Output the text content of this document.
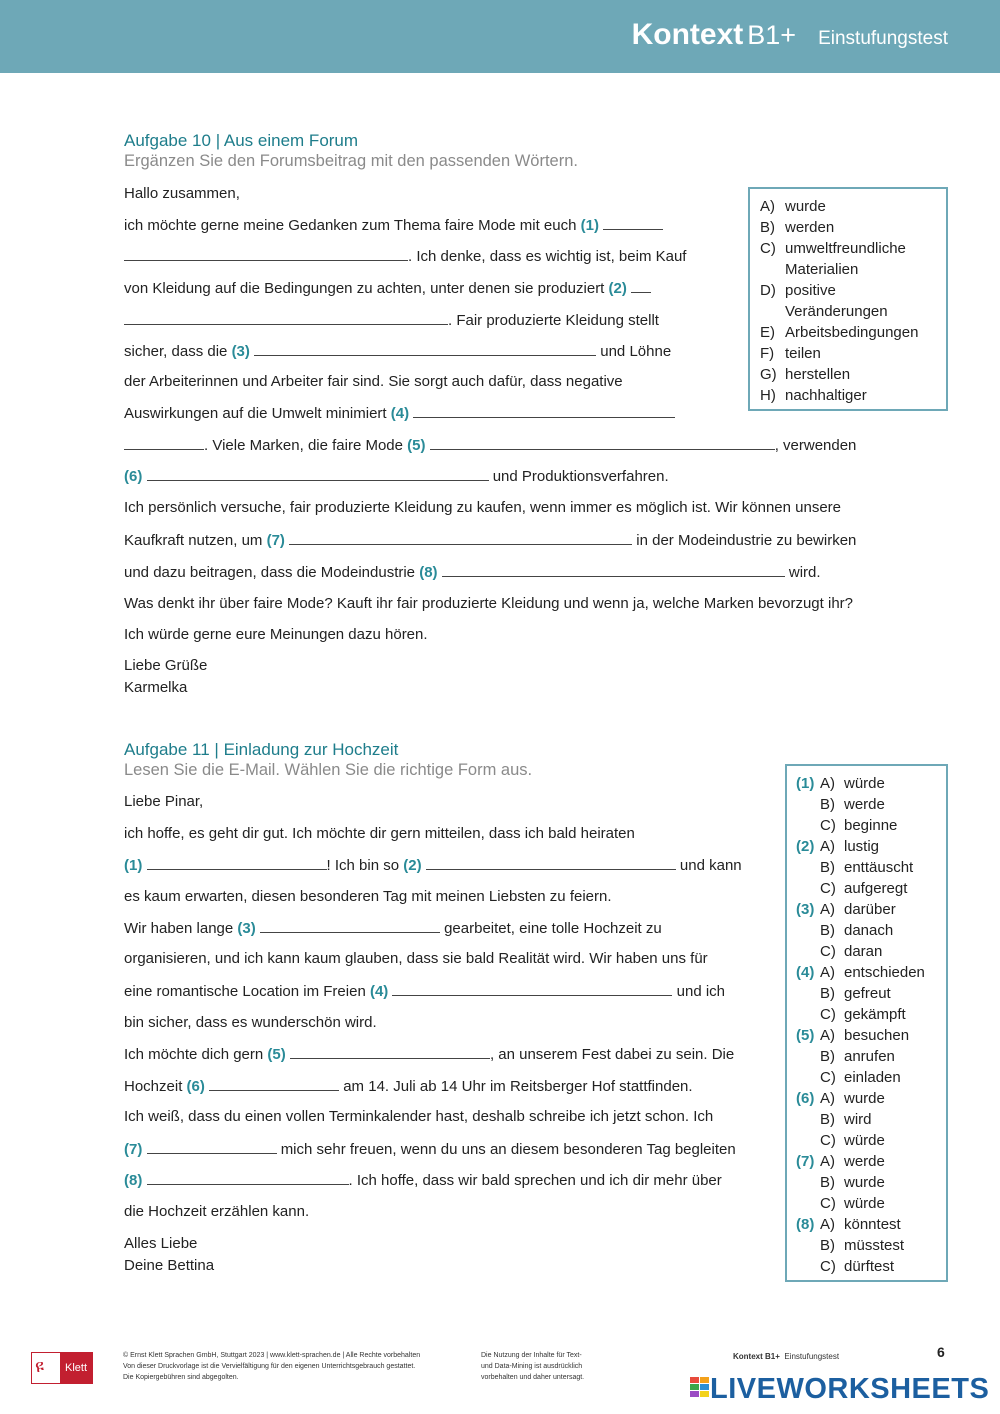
Kontext B1+ Einstufungstest
Aufgabe 10 | Aus einem Forum
Ergänzen Sie den Forumsbeitrag mit den passenden Wörtern.
Hallo zusammen,
ich möchte gerne meine Gedanken zum Thema faire Mode mit euch (1)
. Ich denke, dass es wichtig ist, beim Kauf
von Kleidung auf die Bedingungen zu achten, unter denen sie produziert (2)
. Fair produzierte Kleidung stellt
sicher, dass die (3)	und Löhne
der Arbeiterinnen und Arbeiter fair sind. Sie sorgt auch dafür, dass negative
Auswirkungen auf die Umwelt minimiert (4)
. Viele Marken, die faire Mode (5)	, verwenden
(6)	und Produktionsverfahren.
Ich persönlich versuche, fair produzierte Kleidung zu kaufen, wenn immer es möglich ist. Wir können unsere
Kaufkraft nutzen, um (7)	in der Modeindustrie zu bewirken
und dazu beitragen, dass die Modeindustrie (8)	wird.
Was denkt ihr über faire Mode? Kauft ihr fair produzierte Kleidung und wenn ja, welche Marken bevorzugt ihr?
Ich würde gerne eure Meinungen dazu hören.
Liebe Grüße
Karmelka
A) wurde
B) werden
C) umweltfreundliche
Materialien
D) positive
Veränderungen
E) Arbeitsbedingungen
F) teilen
G) herstellen
H) nachhaltiger
Aufgabe 11 | Einladung zur Hochzeit
Lesen Sie die E-Mail. Wählen Sie die richtige Form aus.
Liebe Pinar,
ich hoffe, es geht dir gut. Ich möchte dir gern mitteilen, dass ich bald heiraten
(1)	! Ich bin so (2)	und kann
es kaum erwarten, diesen besonderen Tag mit meinen Liebsten zu feiern.
Wir haben lange (3)	gearbeitet, eine tolle Hochzeit zu
organisieren, und ich kann kaum glauben, dass sie bald Realität wird. Wir haben uns für
eine romantische Location im Freien (4)	und ich
bin sicher, dass es wunderschön wird.
Ich möchte dich gern (5)	, an unserem Fest dabei zu sein. Die
Hochzeit (6)	am 14. Juli ab 14 Uhr im Reitsberger Hof stattfinden.
Ich weiß, dass du einen vollen Terminkalender hast, deshalb schreibe ich jetzt schon. Ich
(7)	mich sehr freuen, wenn du uns an diesem besonderen Tag begleiten
(8)	. Ich hoffe, dass wir bald sprechen und ich dir mehr über
die Hochzeit erzählen kann.
Alles Liebe
Deine Bettina
(1) A) würde
B) werde
C) beginne
(2) A) lustig
B) enttäuscht
C) aufgeregt
(3) A) darüber
B) danach
C) daran
(4) A) entschieden
B) gefreut
C) gekämpft
(5) A) besuchen
B) anrufen
C) einladen
(6) A) wurde
B) wird
C) würde
(7) A) werde
B) wurde
C) würde
(8) A) könntest
B) müsstest
C) dürftest
ዩ	Klett
© Ernst Klett Sprachen GmbH, Stuttgart 2023 | www.klett-sprachen.de | Alle Rechte vorbehalten
Von dieser Druckvorlage ist die Vervielfältigung für den eigenen Unterrichtsgebrauch gestattet.
Die Kopiergebühren sind abgegolten.
Die Nutzung der Inhalte für Text-
und Data-Mining ist ausdrücklich
vorbehalten und daher untersagt.
Kontext B1+ Einstufungstest	6
LIVEWORKSHEETS
